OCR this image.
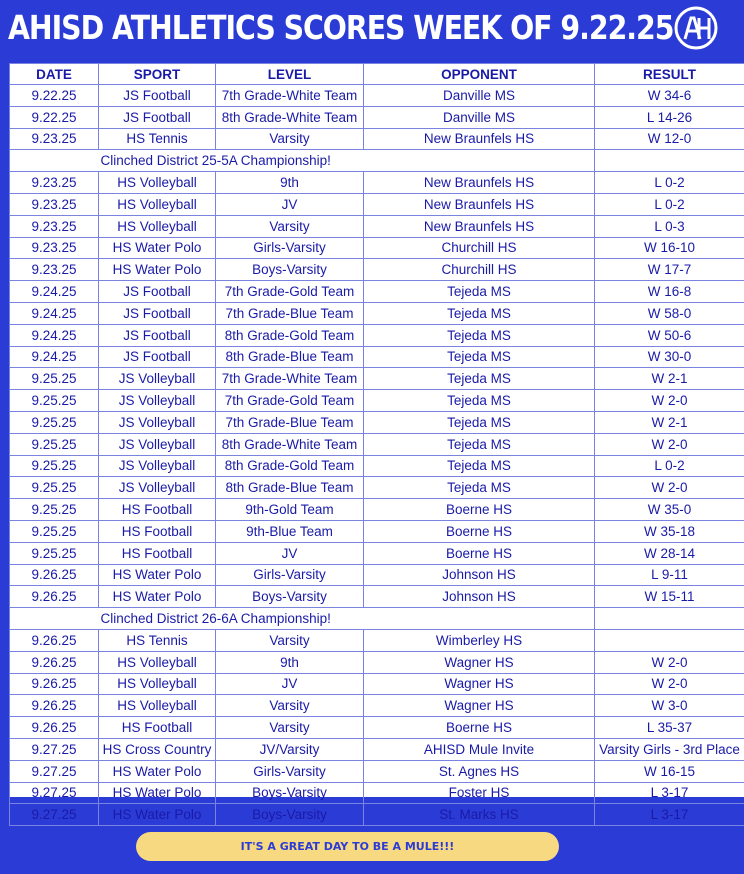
AHISD ATHLETICS SCORES WEEK OF 9.22.25
DATE	SPORT	LEVEL	OPPONENT	RESULT
9.22.25	JS Football	7th Grade-White Team	Danville MS	W 34-6
9.22.25	JS Football	8th Grade-White Team	Danville MS	L 14-26
9.23.25	HS Tennis	Varsity	New Braunfels HS	W 12-0
	Clinched District 25-5A Championship!			
9.23.25	HS Volleyball	9th	New Braunfels HS	L 0-2
9.23.25	HS Volleyball	JV	New Braunfels HS	L 0-2
9.23.25	HS Volleyball	Varsity	New Braunfels HS	L 0-3
9.23.25	HS Water Polo	Girls-Varsity	Churchill HS	W 16-10
9.23.25	HS Water Polo	Boys-Varsity	Churchill HS	W 17-7
9.24.25	JS Football	7th Grade-Gold Team	Tejeda MS	W 16-8
9.24.25	JS Football	7th Grade-Blue Team	Tejeda MS	W 58-0
9.24.25	JS Football	8th Grade-Gold Team	Tejeda MS	W 50-6
9.24.25	JS Football	8th Grade-Blue Team	Tejeda MS	W 30-0
9.25.25	JS Volleyball	7th Grade-White Team	Tejeda MS	W 2-1
9.25.25	JS Volleyball	7th Grade-Gold Team	Tejeda MS	W 2-0
9.25.25	JS Volleyball	7th Grade-Blue Team	Tejeda MS	W 2-1
9.25.25	JS Volleyball	8th Grade-White Team	Tejeda MS	W 2-0
9.25.25	JS Volleyball	8th Grade-Gold Team	Tejeda MS	L 0-2
9.25.25	JS Volleyball	8th Grade-Blue Team	Tejeda MS	W 2-0
9.25.25	HS Football	9th-Gold Team	Boerne HS	W 35-0
9.25.25	HS Football	9th-Blue Team	Boerne HS	W 35-18
9.25.25	HS Football	JV	Boerne HS	W 28-14
9.26.25	HS Water Polo	Girls-Varsity	Johnson HS	L 9-11
9.26.25	HS Water Polo	Boys-Varsity	Johnson HS	W 15-11
	Clinched District 26-6A Championship!			
9.26.25	HS Tennis	Varsity	Wimberley HS	
9.26.25	HS Volleyball	9th	Wagner HS	W 2-0
9.26.25	HS Volleyball	JV	Wagner HS	W 2-0
9.26.25	HS Volleyball	Varsity	Wagner HS	W 3-0
9.26.25	HS Football	Varsity	Boerne HS	L 35-37
9.27.25	HS Cross Country	JV/Varsity	AHISD Mule Invite	Varsity Girls - 3rd Place
9.27.25	HS Water Polo	Girls-Varsity	St. Agnes HS	W 16-15
9.27.25	HS Water Polo	Boys-Varsity	Foster HS	L 3-17
9.27.25	HS Water Polo	Boys-Varsity	St. Marks HS	L 3-17
IT'S A GREAT DAY TO BE A MULE!!!
